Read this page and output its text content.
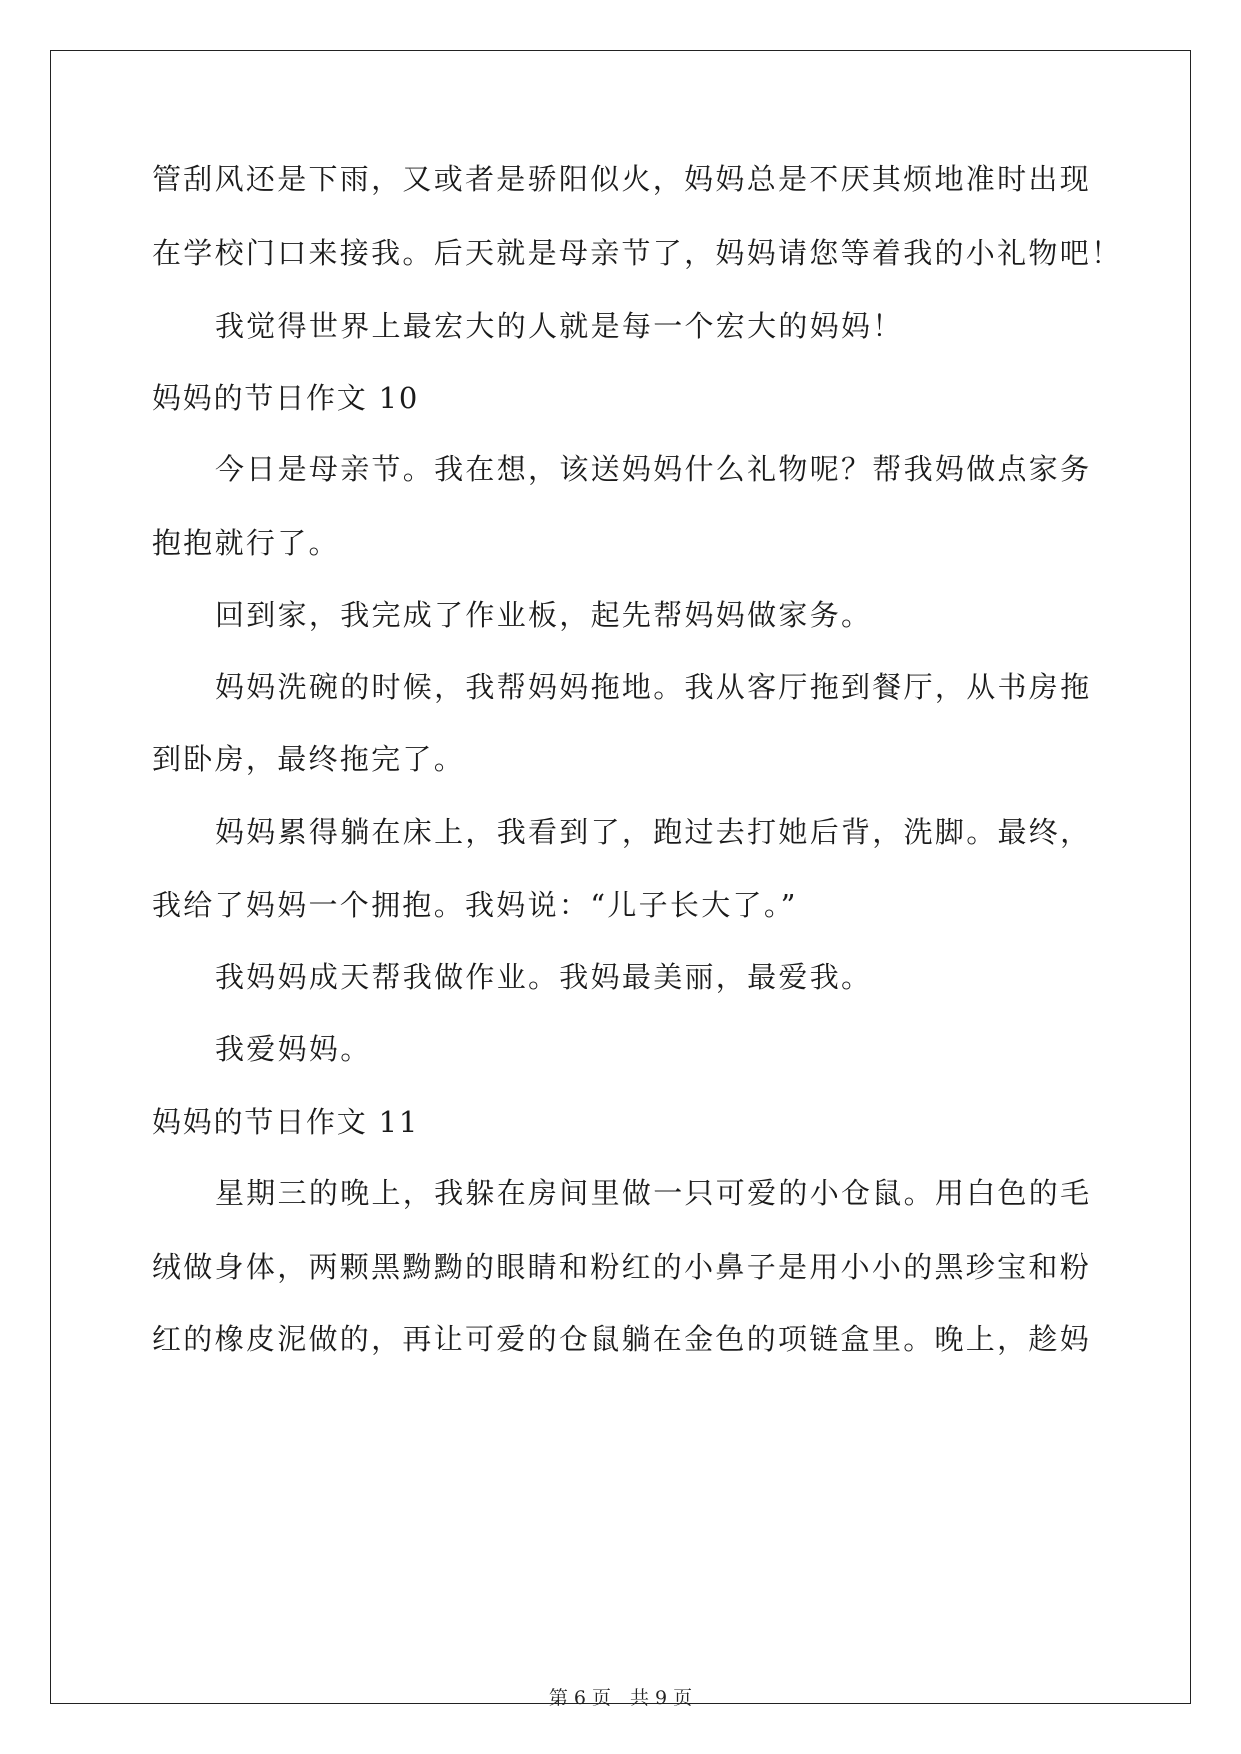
管刮风还是下雨，又或者是骄阳似火，妈妈总是不厌其烦地准时出现
在学校门口来接我。后天就是母亲节了，妈妈请您等着我的小礼物吧！
我觉得世界上最宏大的人就是每一个宏大的妈妈！
妈妈的节日作文 10
今日是母亲节。我在想，该送妈妈什么礼物呢？帮我妈做点家务
抱抱就行了。
回到家，我完成了作业板，起先帮妈妈做家务。
妈妈洗碗的时候，我帮妈妈拖地。我从客厅拖到餐厅，从书房拖
到卧房，最终拖完了。
妈妈累得躺在床上，我看到了，跑过去打她后背，洗脚。最终，
我给了妈妈一个拥抱。我妈说：“儿子长大了。”
我妈妈成天帮我做作业。我妈最美丽，最爱我。
我爱妈妈。
妈妈的节日作文 11
星期三的晚上，我躲在房间里做一只可爱的小仓鼠。用白色的毛
绒做身体，两颗黑黝黝的眼睛和粉红的小鼻子是用小小的黑珍宝和粉
红的橡皮泥做的，再让可爱的仓鼠躺在金色的项链盒里。晚上，趁妈
第 6 页　共 9 页
